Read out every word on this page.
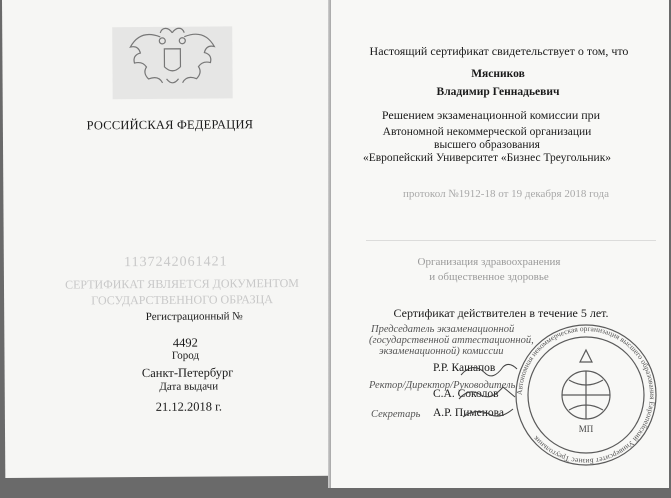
РОССИЙСКАЯ ФЕДЕРАЦИЯ
1137242061421
СЕРТИФИКАТ ЯВЛЯЕТСЯ ДОКУМЕНТОМ
ГОСУДАРСТВЕННОГО ОБРАЗЦА
Регистрационный №
4492
Город
Санкт-Петербург
Дата выдачи
21.12.2018 г.
Настоящий сертификат свидетельствует о том, что
Мясников
Владимир Геннадьевич
Решением экзаменационной комиссии при
Автономной некоммерческой организации
высшего образования
«Европейский Университет «Бизнес Треугольник»
протокол №1912-18 от 19 декабря 2018 года
Организация здравоохранения
и общественное здоровье
Сертификат действителен в течение 5 лет.
Председатель экзаменационной
(государственной аттестационной,
экзаменационной) комиссии
Р.Р. Кашапов
Ректор/Директор/Руководитель
С.А. Соколов
Секретарь А.Р. Пименова
Автономная некоммерческая организация высшего образования Европейский Университет Бизнес Треугольник
МП
